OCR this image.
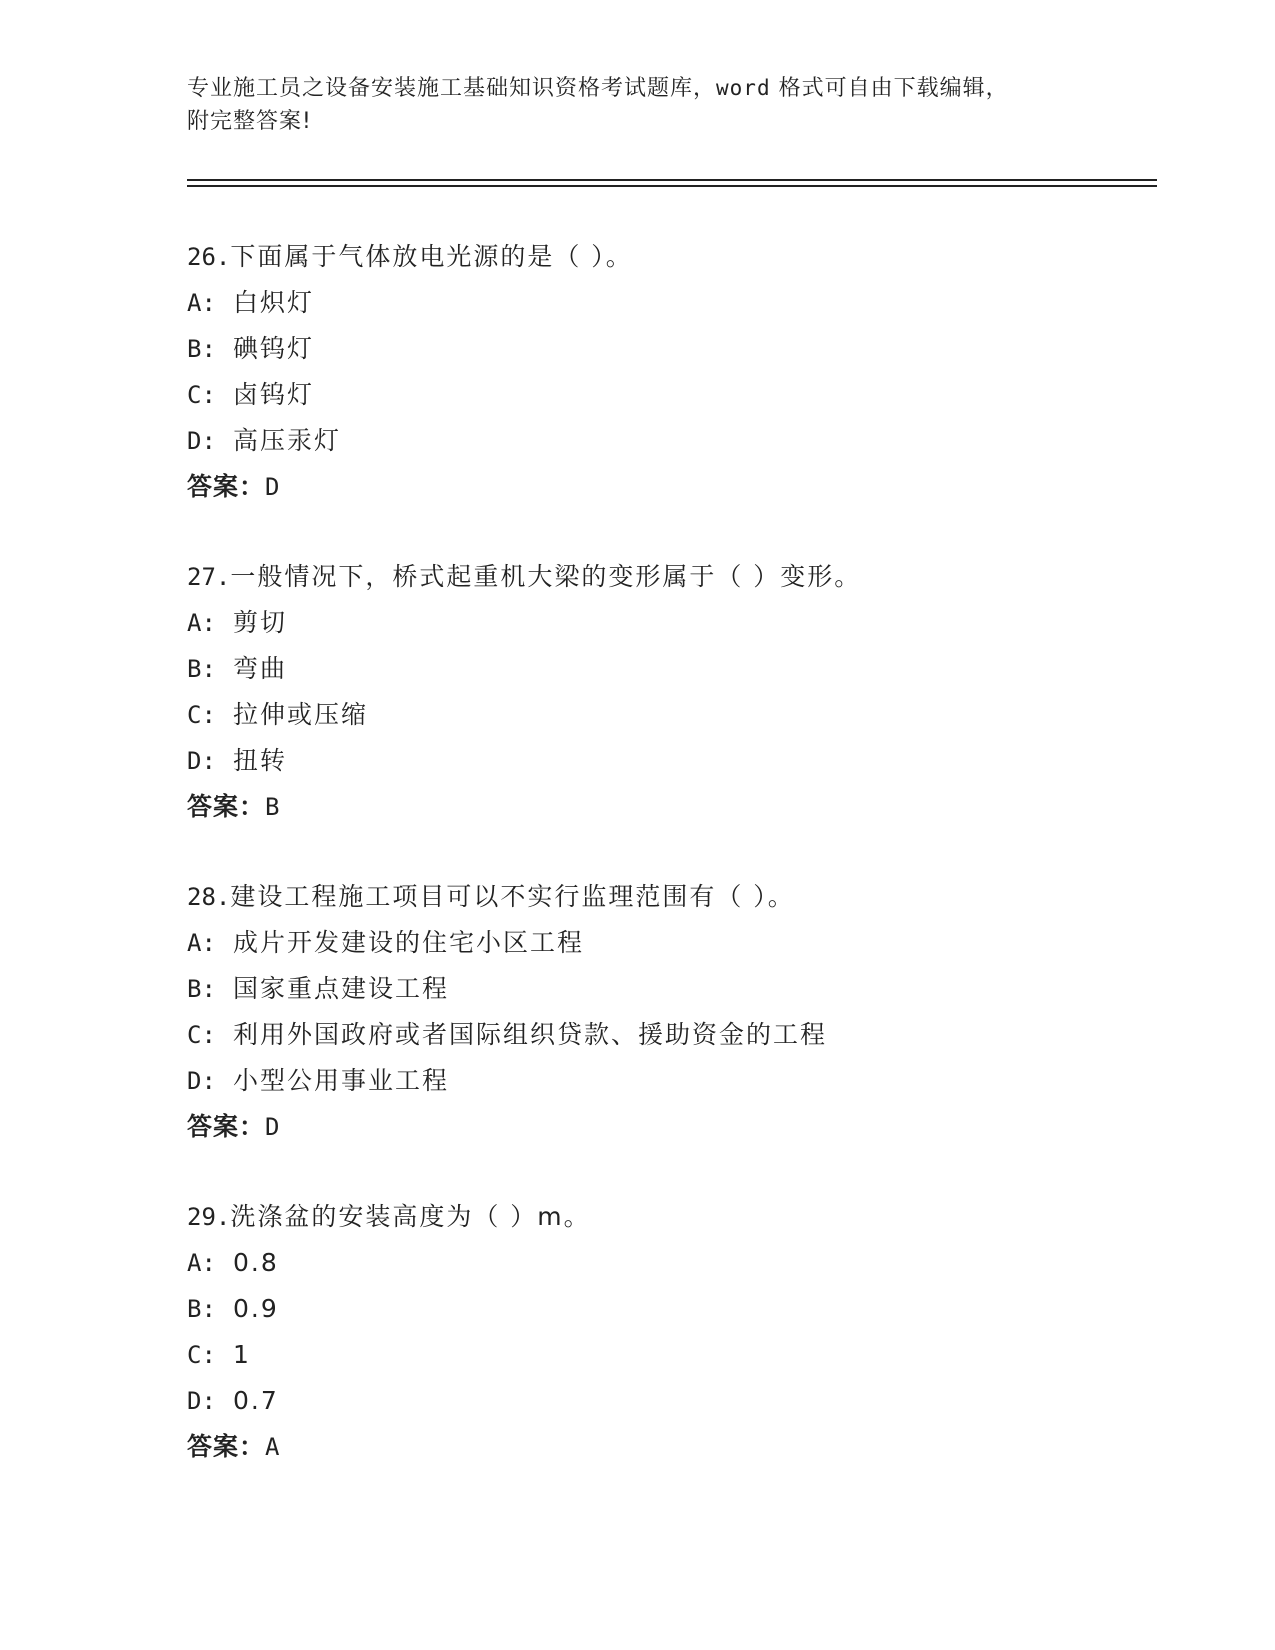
专业施工员之设备安装施工基础知识资格考试题库，word 格式可自由下载编辑，
附完整答案!
26.下面属于气体放电光源的是（ ）。
A: 白炽灯
B: 碘钨灯
C: 卤钨灯
D: 高压汞灯
答案：D
27.一般情况下，桥式起重机大梁的变形属于（ ）变形。
A: 剪切
B: 弯曲
C: 拉伸或压缩
D: 扭转
答案：B
28.建设工程施工项目可以不实行监理范围有（ ）。
A: 成片开发建设的住宅小区工程
B: 国家重点建设工程
C: 利用外国政府或者国际组织贷款、援助资金的工程
D: 小型公用事业工程
答案：D
29.洗涤盆的安装高度为（ ）m。
A: 0.8
B: 0.9
C: 1
D: 0.7
答案：A
